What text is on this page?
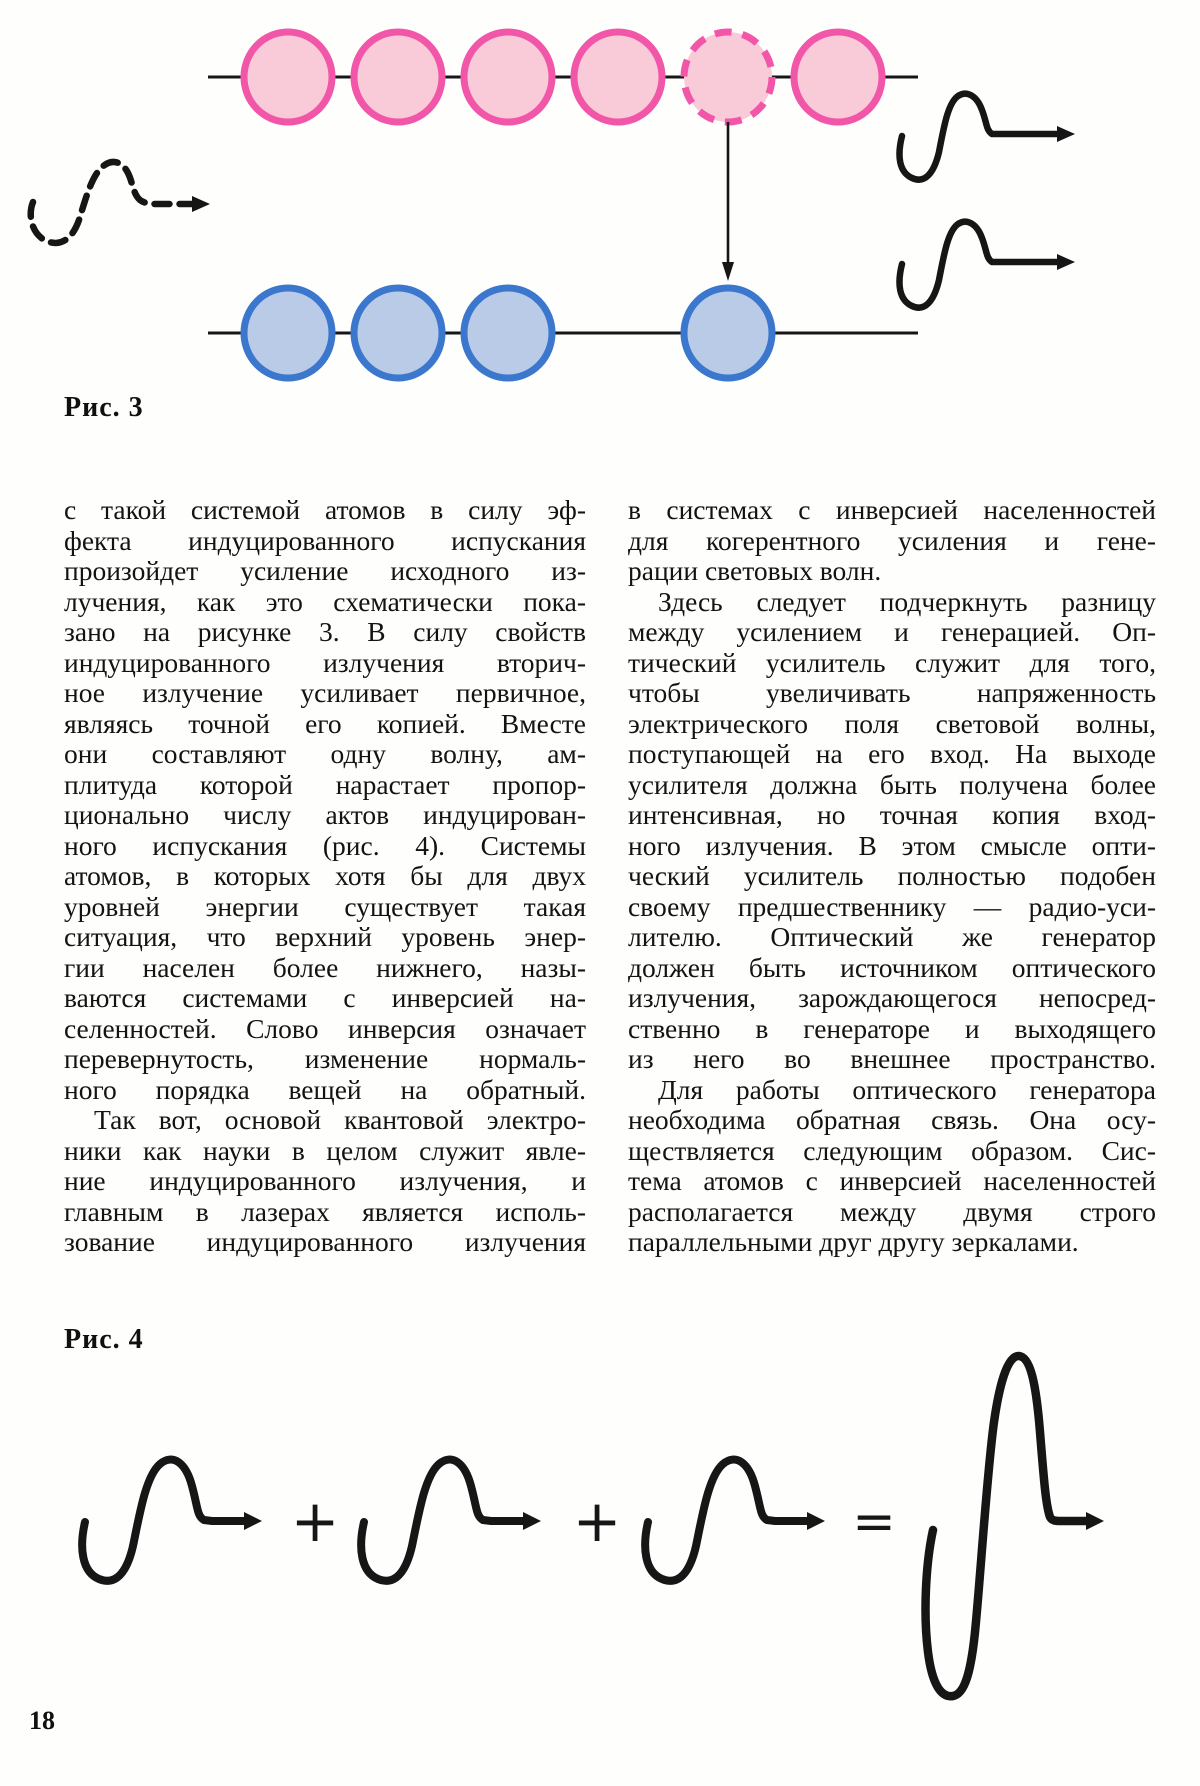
Рис. 3
с такой системой атомов в силу эф-
фекта индуцированного испускания
произойдет усиление исходного из-
лучения, как это схематически пока-
зано на рисунке 3. В силу свойств
индуцированного излучения вторич-
ное излучение усиливает первичное,
являясь точной его копией. Вместе
они составляют одну волну, ам-
плитуда которой нарастает пропор-
ционально числу актов индуцирован-
ного испускания (рис. 4). Системы
атомов, в которых хотя бы для двух
уровней энергии существует такая
ситуация, что верхний уровень энер-
гии населен более нижнего, назы-
ваются системами с инверсией на-
селенностей. Слово инверсия означает
перевернутость, изменение нормаль-
ного порядка вещей на обратный.
Так вот, основой квантовой электро-
ники как науки в целом служит явле-
ние индуцированного излучения, и
главным в лазерах является исполь-
зование индуцированного излучения
в системах с инверсией населенностей
для когерентного усиления и гене-
рации световых волн.
Здесь следует подчеркнуть разницу
между усилением и генерацией. Оп-
тический усилитель служит для того,
чтобы увеличивать напряженность
электрического поля световой волны,
поступающей на его вход. На выходе
усилителя должна быть получена более
интенсивная, но точная копия вход-
ного излучения. В этом смысле опти-
ческий усилитель полностью подобен
своему предшественнику — радио-уси-
лителю. Оптический же генератор
должен быть источником оптического
излучения, зарождающегося непосред-
ственно в генераторе и выходящего
из него во внешнее пространство.
Для работы оптического генератора
необходима обратная связь. Она осу-
ществляется следующим образом. Сис-
тема атомов с инверсией населенностей
располагается между двумя строго
параллельными друг другу зеркалами.
Рис. 4
+	+	=
18
